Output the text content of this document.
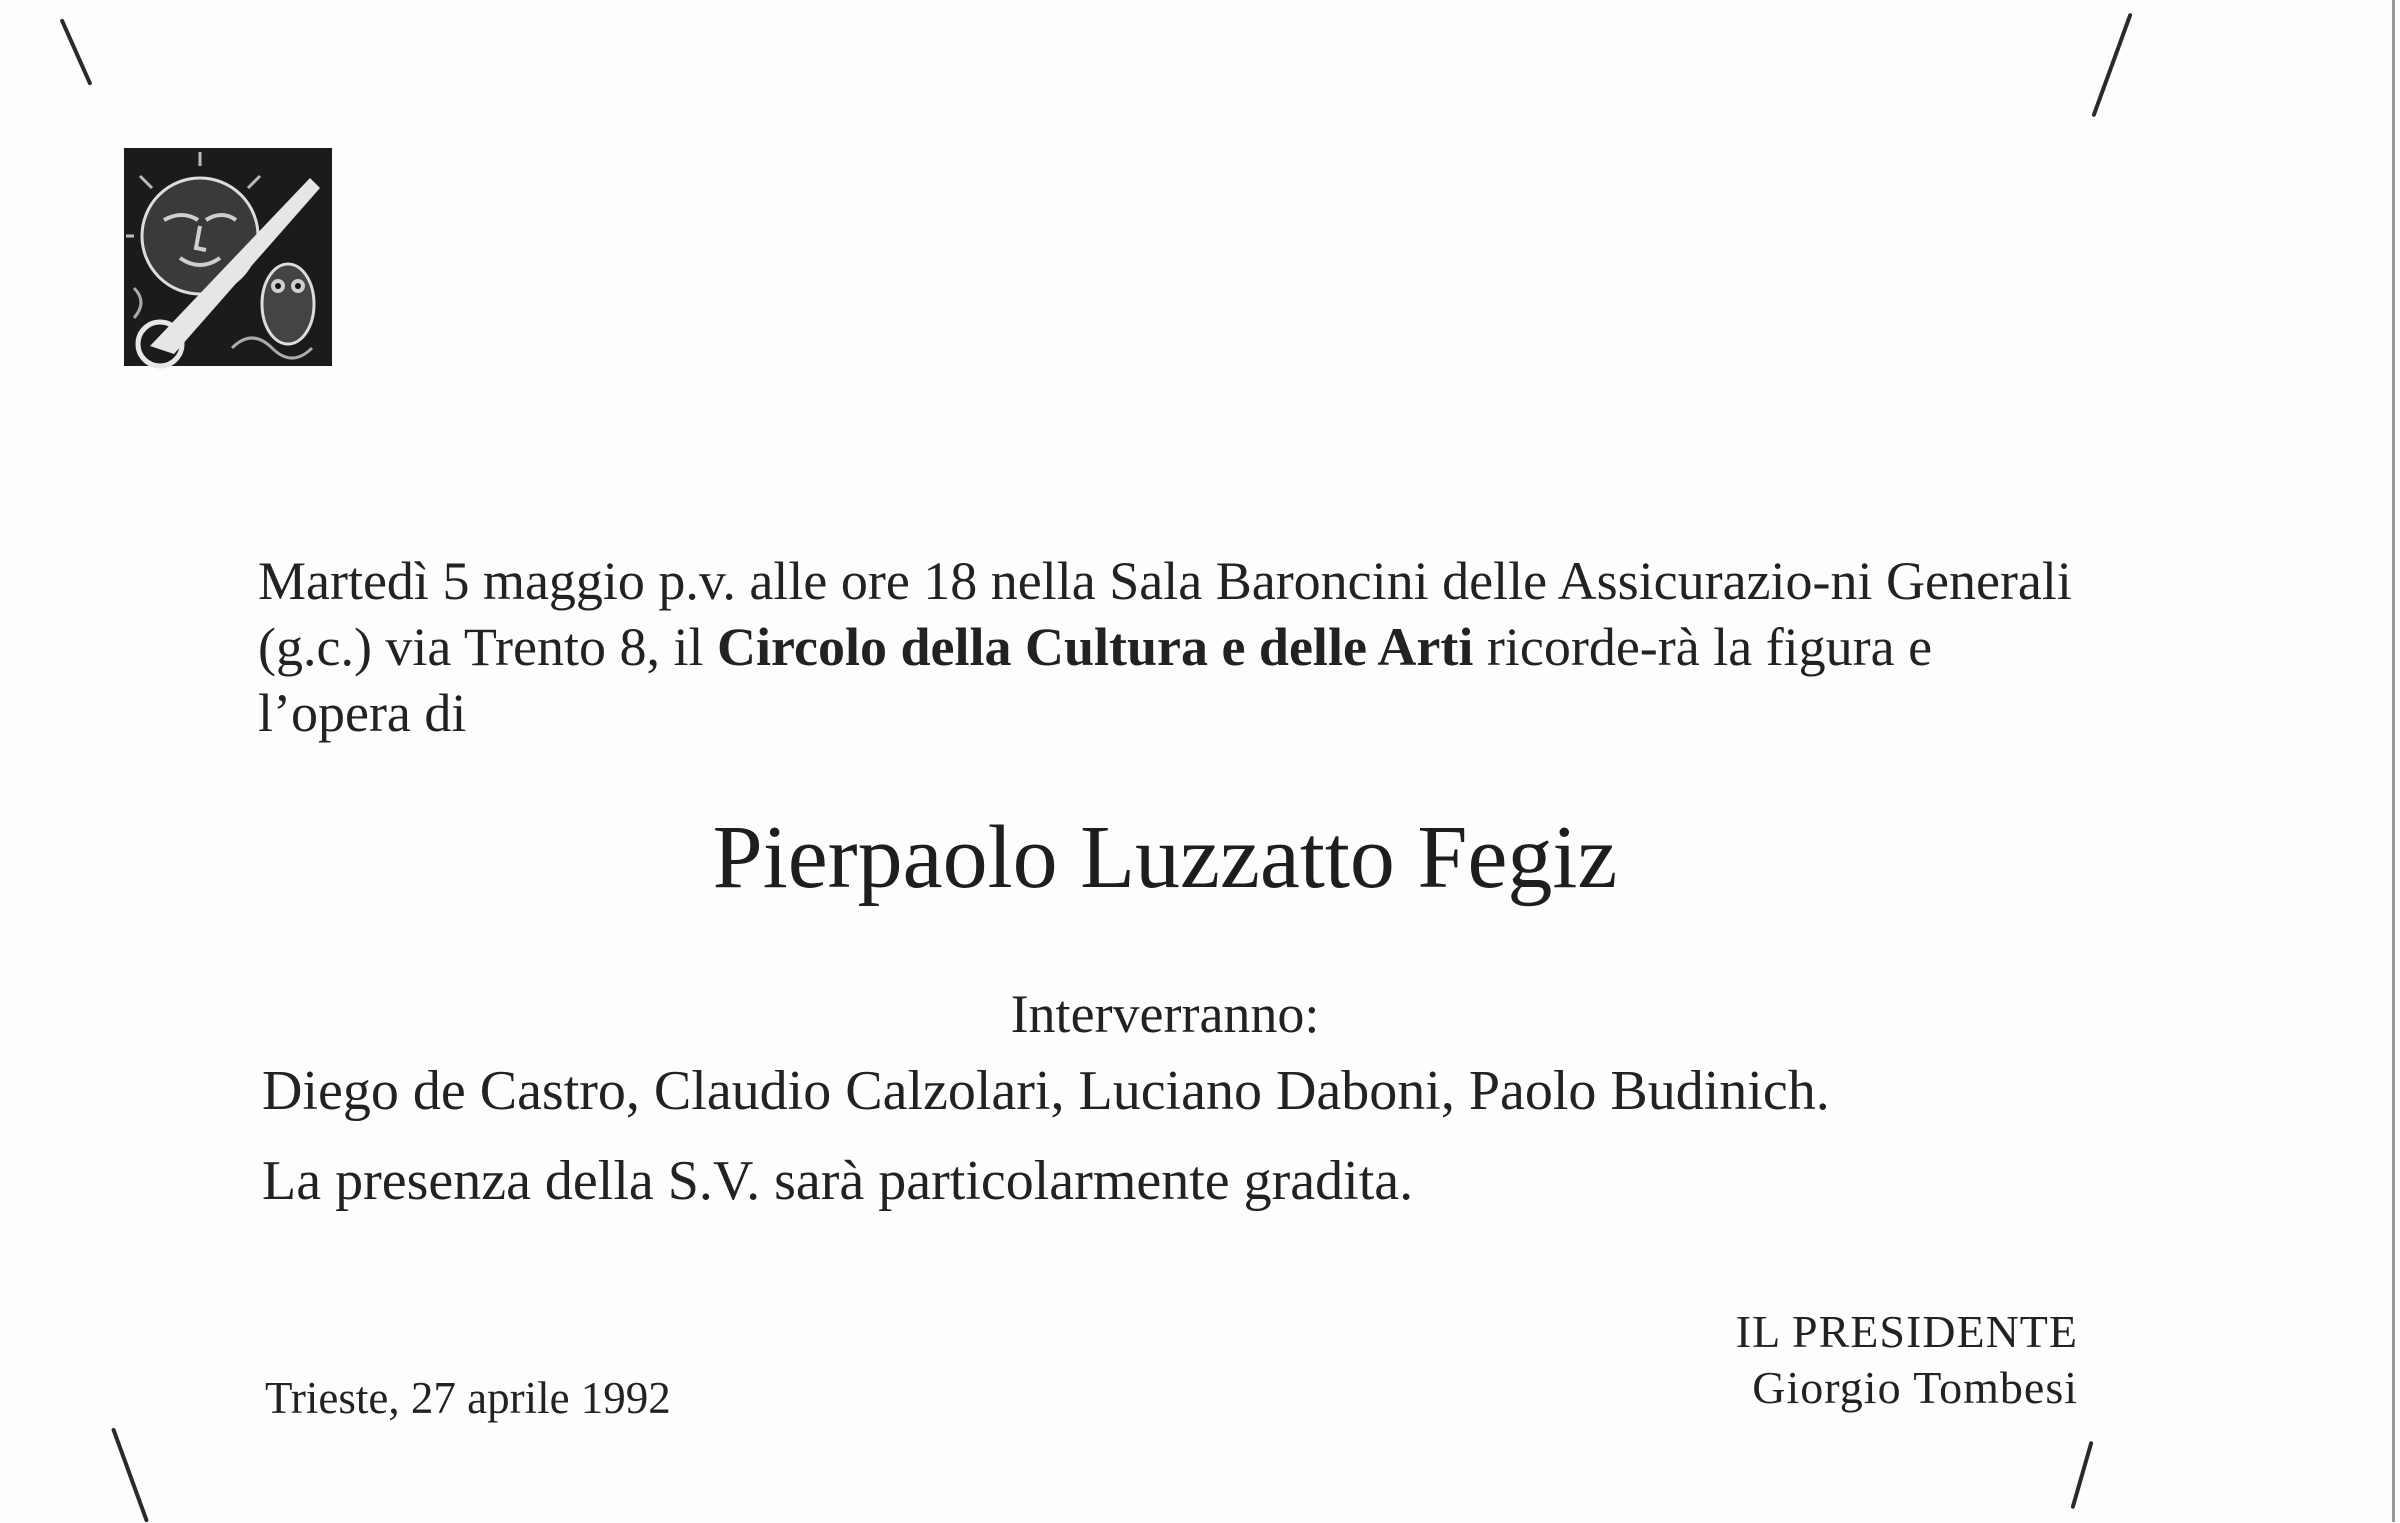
Martedì 5 maggio p.v. alle ore 18 nella Sala Baroncini delle Assicurazio-ni Generali (g.c.) via Trento 8, il Circolo della Cultura e delle Arti ricorde-rà la figura e l’opera di

Pierpaolo Luzzatto Fegiz
Interverranno:
Diego de Castro, Claudio Calzolari, Luciano Daboni, Paolo Budinich.
La presenza della S.V. sarà particolarmente gradita.
Trieste, 27 aprile 1992
IL PRESIDENTE
Giorgio Tombesi
